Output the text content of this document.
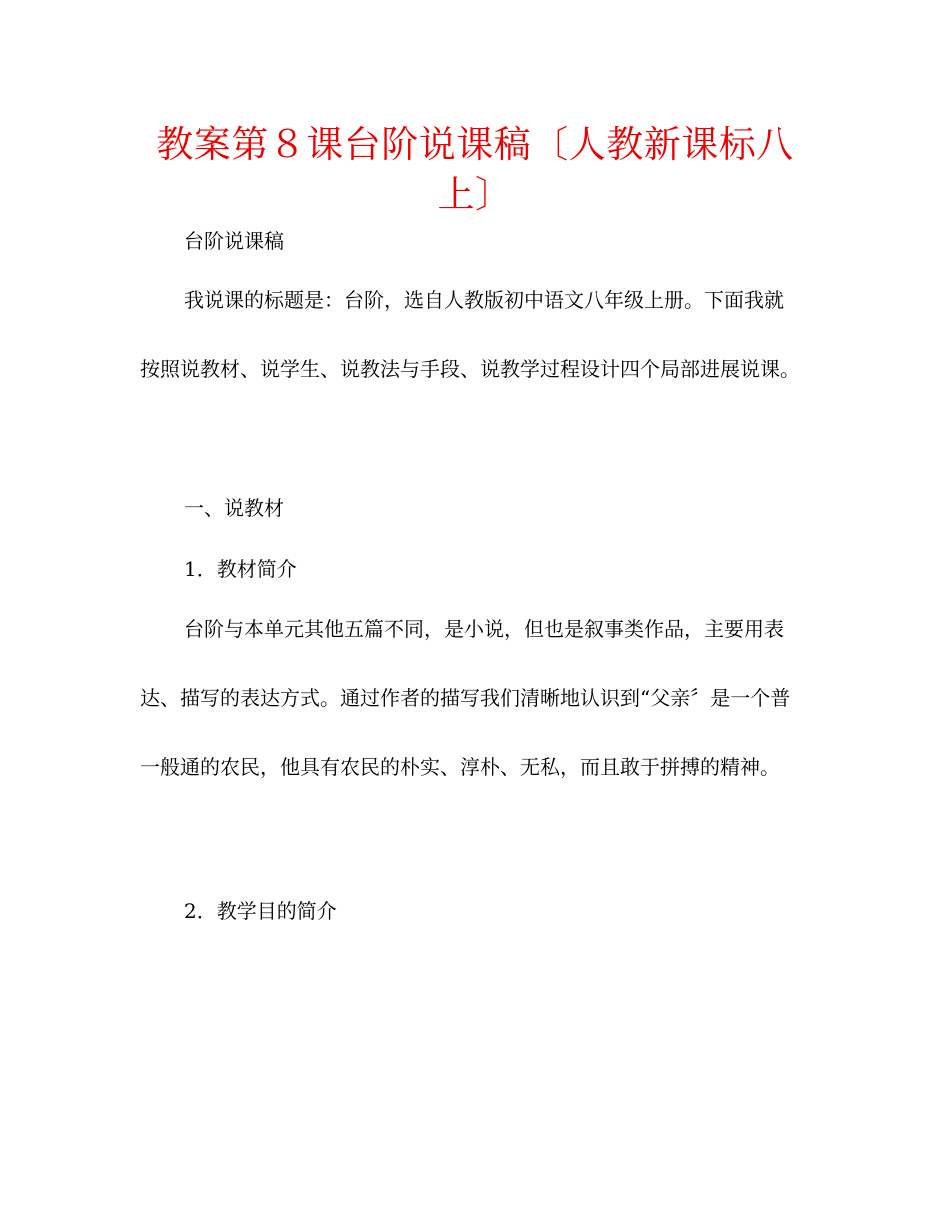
教案第８课台阶说课稿〔人教新课标八上〕

台阶说课稿

我说课的标题是：台阶，选自人教版初中语文八年级上册。下面我就按照说教材、说学生、说教法与手段、说教学过程设计四个局部进展说课。

一、说教材

1．教材简介

台阶与本单元其他五篇不同，是小说，但也是叙事类作品，主要用表达、描写的表达方式。通过作者的描写我们清晰地认识到“父亲〞是一个普一般通的农民，他具有农民的朴实、淳朴、无私，而且敢于拼搏的精神。

2．教学目的简介
